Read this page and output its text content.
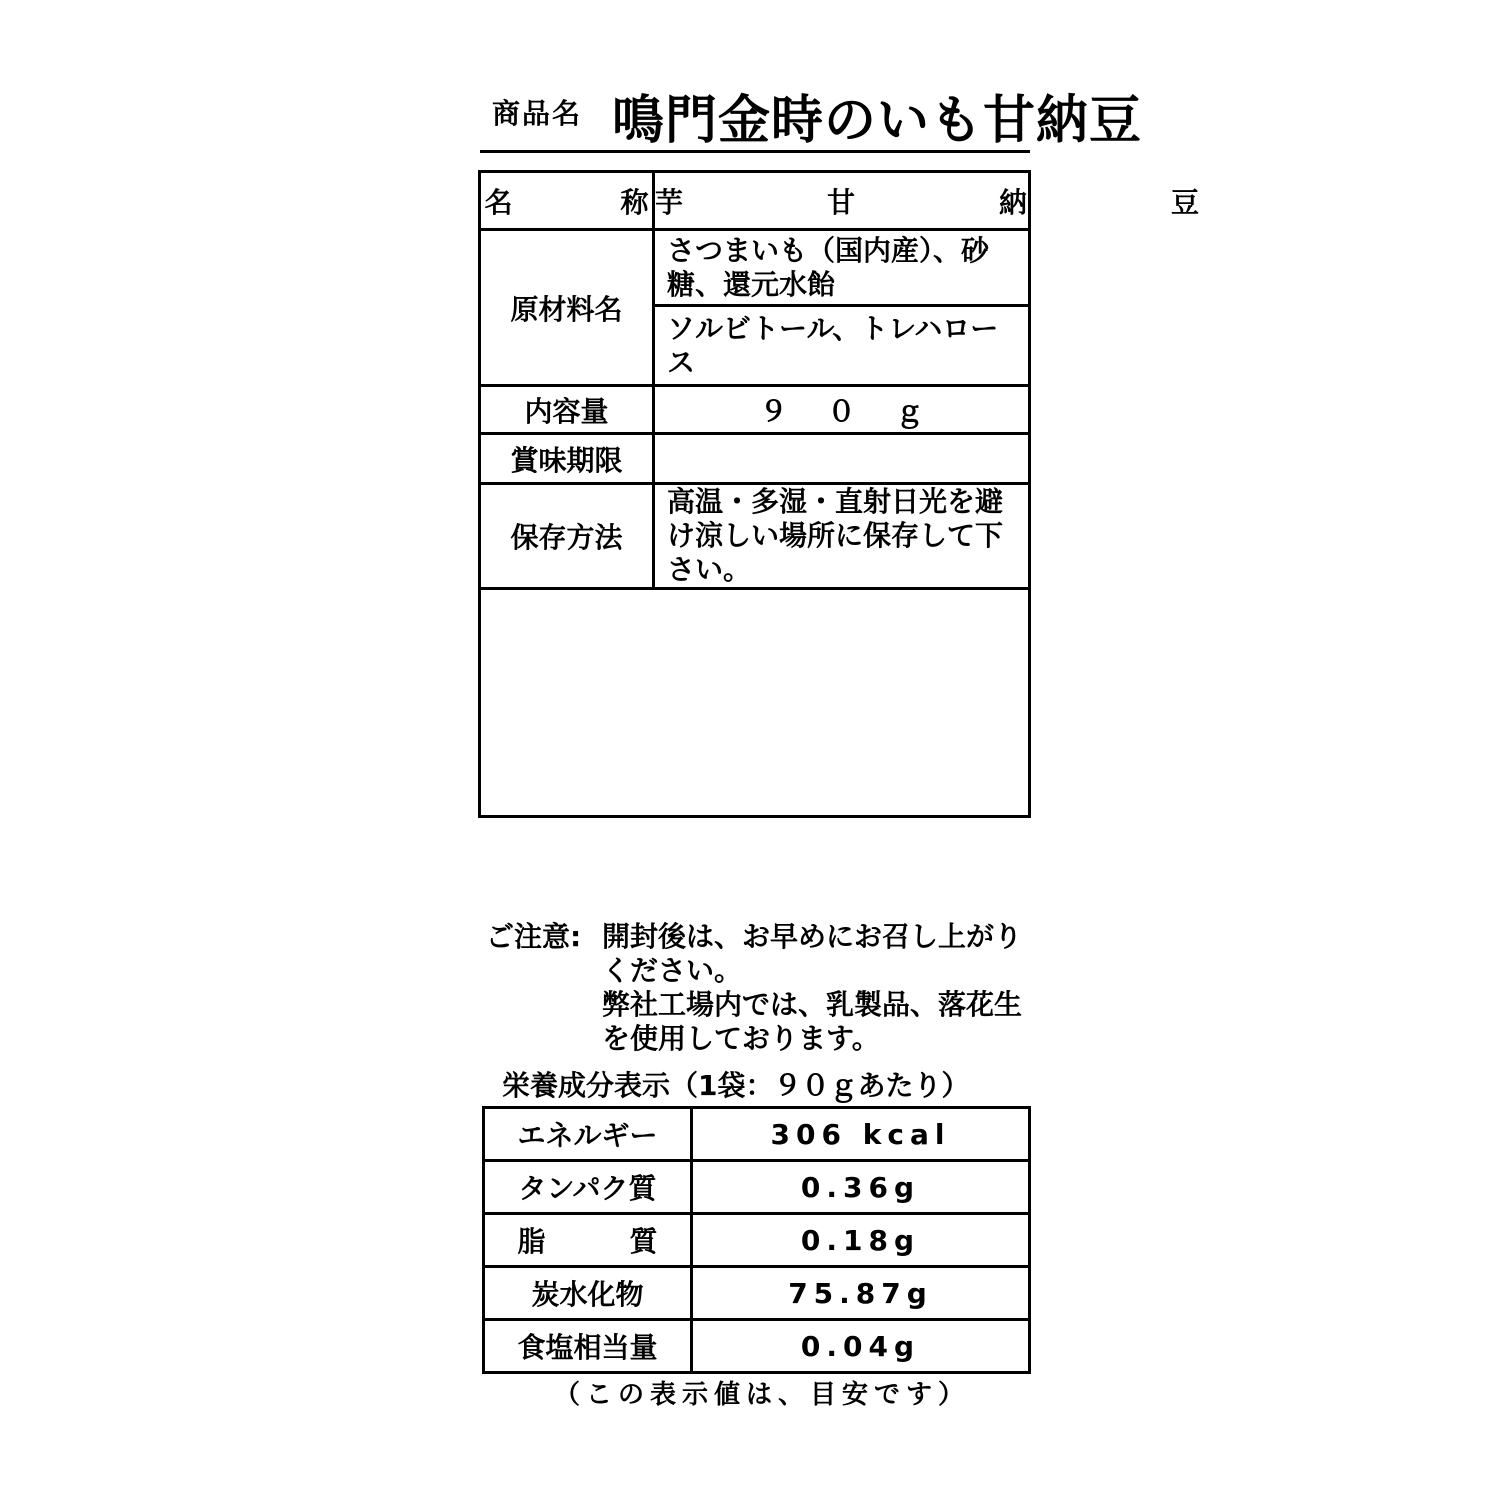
商品名 鳴門金時のいも甘納豆
名　称	芋　甘　納　豆
原材料名	さつまいも（国内産）、砂糖、還元水飴
	ソルビトール、トレハロース
内容量	９０ｇ
賞味期限	
保存方法	高温・多湿・直射日光を避け涼しい場所に保存して下さい。

ご注意: 開封後は、お早めにお召し上がりください。

弊社工場内では、乳製品、落花生を使用しております。

栄養成分表示（1袋：９０ｇあたり）
エネルギー	306 kcal
タンパク質	0.36g
脂　　　質	0.18g
炭水化物	75.87g
食塩相当量	0.04g
（この表示値は、目安です）
